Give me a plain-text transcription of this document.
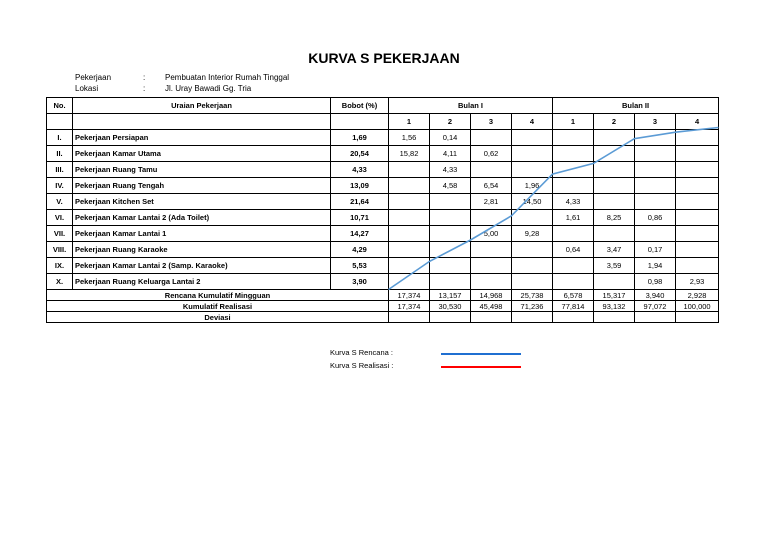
KURVA S PEKERJAAN
Pekerjaan	: Pembuatan Interior Rumah Tinggal
Lokasi	: Jl. Uray Bawadi Gg. Tria
No.	Uraian Pekerjaan	Bobot (%)	Bulan I				Bulan II			
			1	2	3	4	1	2	3	4
I.	Pekerjaan Persiapan	1,69	1,56	0,14						
II.	Pekerjaan Kamar Utama	20,54	15,82	4,11	0,62					
III.	Pekerjaan Ruang Tamu	4,33		4,33						
IV.	Pekerjaan Ruang Tengah	13,09		4,58	6,54	1,96				
V.	Pekerjaan Kitchen Set	21,64			2,81	14,50	4,33			
VI.	Pekerjaan Kamar Lantai 2 (Ada Toilet)	10,71					1,61	8,25	0,86	
VII.	Pekerjaan Kamar Lantai 1	14,27			5,00	9,28				
VIII.	Pekerjaan Ruang Karaoke	4,29					0,64	3,47	0,17	
IX.	Pekerjaan Kamar Lantai 2 (Samp. Karaoke)	5,53						3,59	1,94	
X.	Pekerjaan Ruang Keluarga Lantai 2	3,90							0,98	2,93
Rencana Kumulatif Mingguan			17,374	13,157	14,968	25,738	6,578	15,317	3,940	2,928
Kumulatif Realisasi			17,374	30,530	45,498	71,236	77,814	93,132	97,072	100,000
Deviasi										
Kurva S Rencana :
Kurva S Realisasi :
